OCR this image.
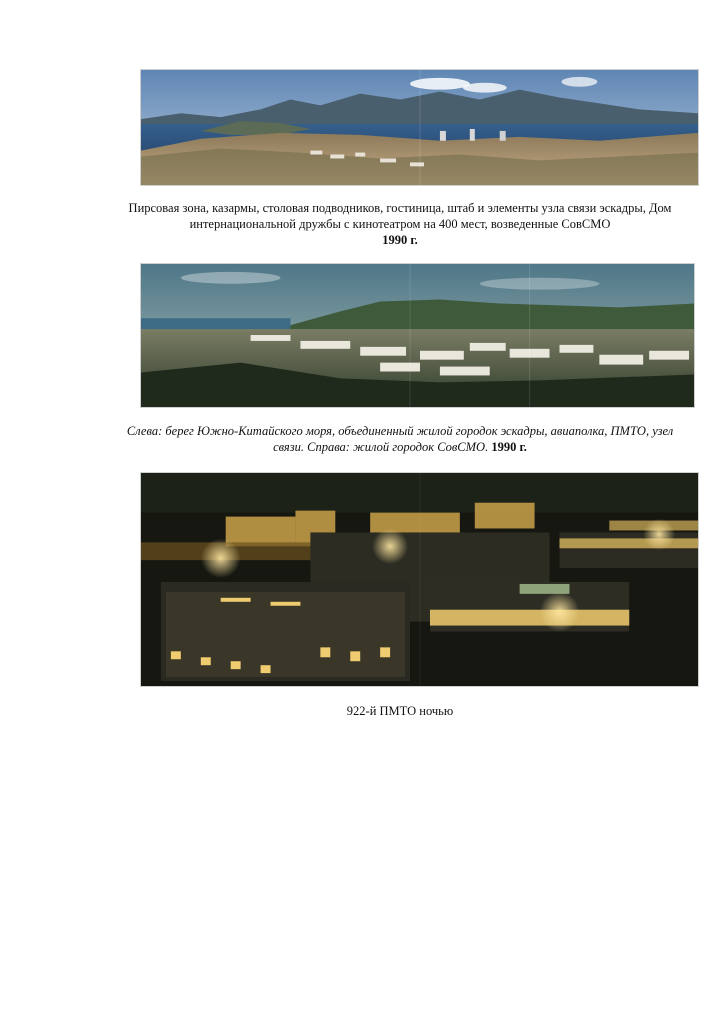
Пирсовая зона, казармы, столовая подводников, гостиница, штаб и элементы узла связи эскадры, Дом интернациональной дружбы с кинотеатром на 400 мест, возведенные СовСМО
1990 г.
Слева: берег Южно-Китайского моря, объединенный жилой городок эскадры, авиаполка, ПМТО, узел связи. Справа: жилой городок СовСМО. 1990 г.
922-й ПМТО ночью
